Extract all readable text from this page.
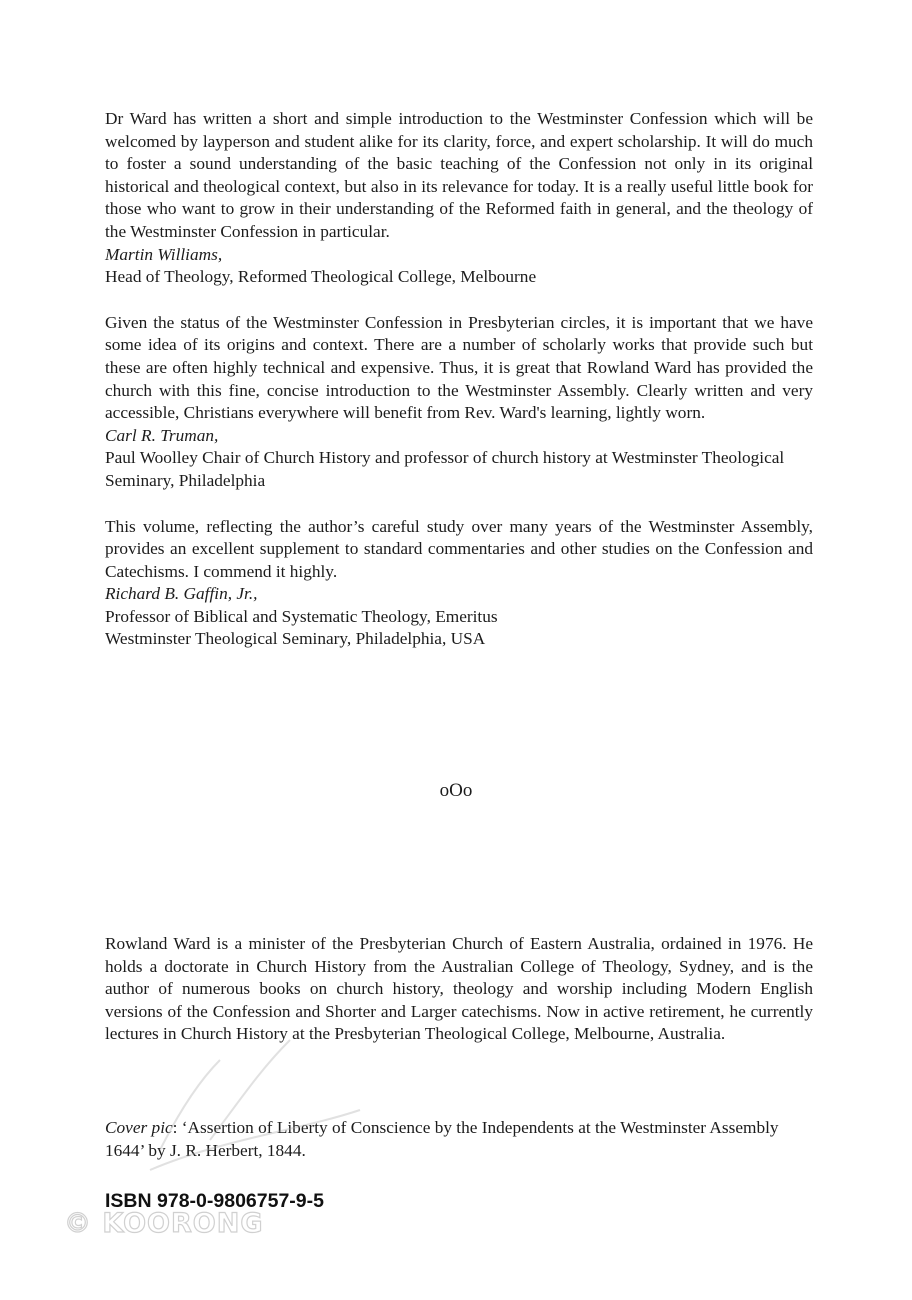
Dr Ward has written a short and simple introduction to the Westminster Confession which will be welcomed by layperson and student alike for its clarity, force, and expert scholarship. It will do much to foster a sound understanding of the basic teaching of the Confession not only in its original historical and theological context, but also in its relevance for today. It is a really useful little book for those who want to grow in their understanding of the Reformed faith in general, and the theology of the Westminster Confession in particular.

Martin Williams,

Head of Theology, Reformed Theological College, Melbourne

Given the status of the Westminster Confession in Presbyterian circles, it is important that we have some idea of its origins and context. There are a number of scholarly works that provide such but these are often highly technical and expensive. Thus, it is great that Rowland Ward has provided the church with this fine, concise introduction to the Westminster Assembly. Clearly written and very accessible, Christians everywhere will benefit from Rev. Ward's learning, lightly worn.

Carl R. Truman,

Paul Woolley Chair of Church History and professor of church history at Westminster Theological Seminary, Philadelphia

This volume, reflecting the author’s careful study over many years of the Westminster Assembly, provides an excellent supplement to standard commentaries and other studies on the Confession and Catechisms. I commend it highly.

Richard B. Gaffin, Jr.,

Professor of Biblical and Systematic Theology, Emeritus

Westminster Theological Seminary, Philadelphia, USA

oOo

Rowland Ward is a minister of the Presbyterian Church of Eastern Australia, ordained in 1976. He holds a doctorate in Church History from the Australian College of Theology, Sydney, and is the author of numerous books on church history, theology and worship including Modern English versions of the Confession and Shorter and Larger catechisms. Now in active retirement, he currently lectures in Church History at the Presbyterian Theological College, Melbourne, Australia.

Cover pic: ‘Assertion of Liberty of Conscience by the Independents at the Westminster Assembly 1644’ by J. R. Herbert, 1844.

ISBN 978-0-9806757-9-5
© KOORONG
